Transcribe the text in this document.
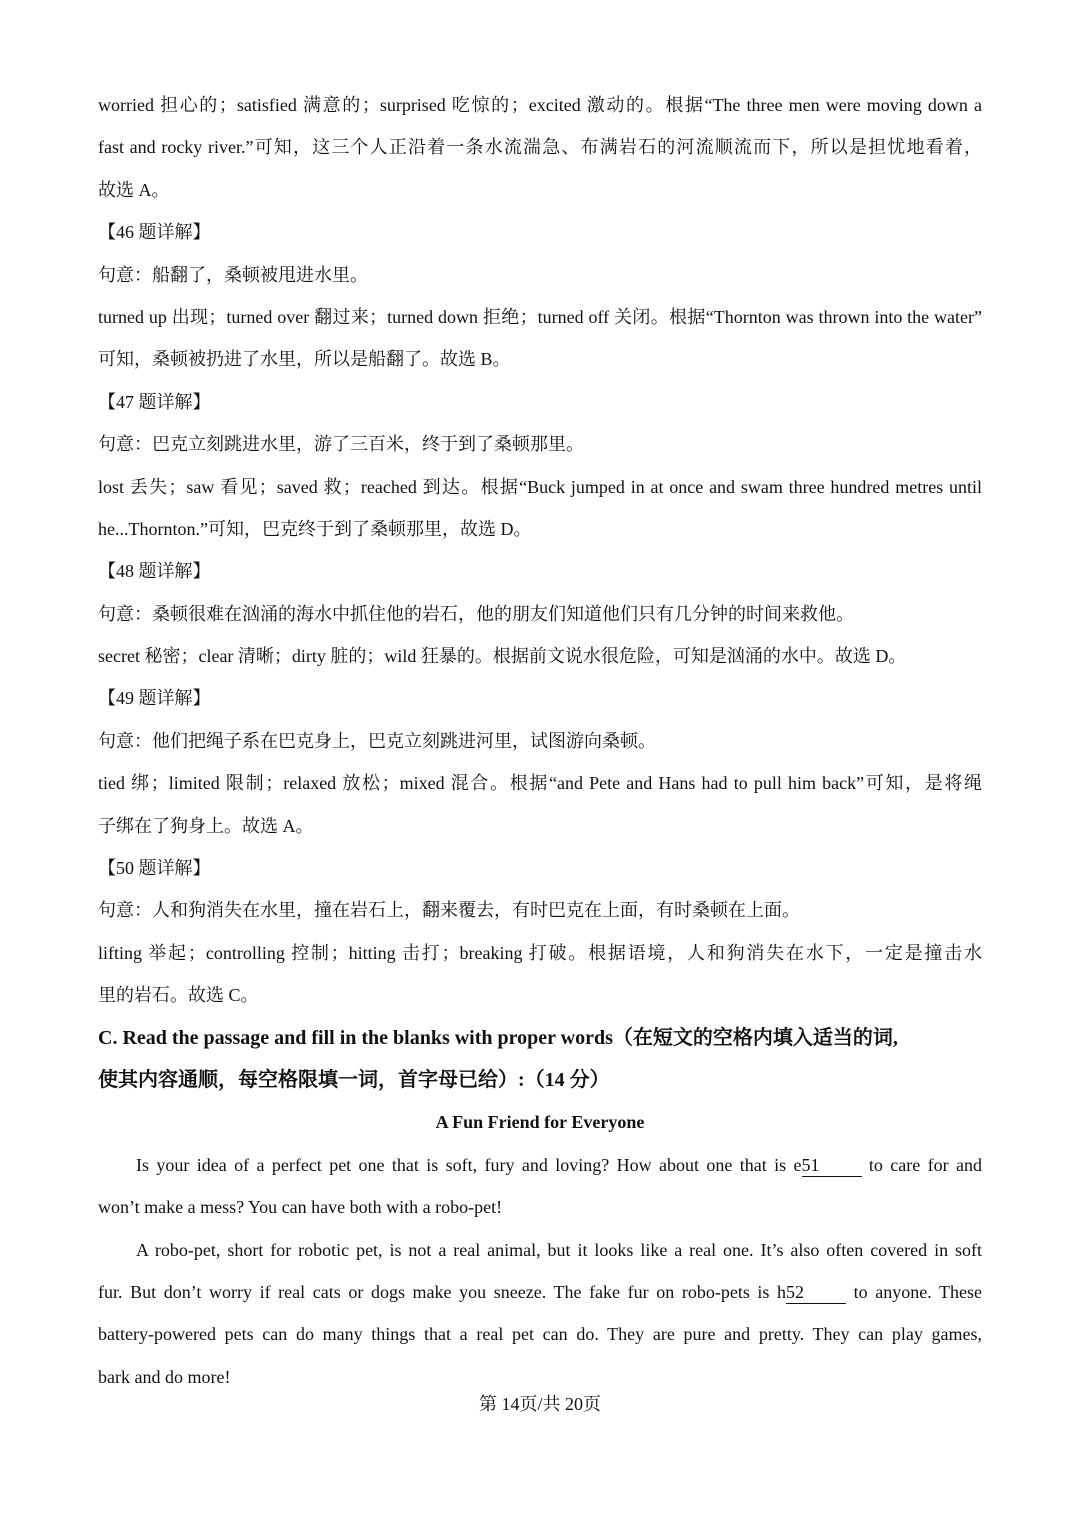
worried 担心的；satisfied 满意的；surprised 吃惊的；excited 激动的。根据“The three men were moving down a
fast and rocky river.”可知，这三个人正沿着一条水流湍急、布满岩石的河流顺流而下，所以是担忧地看着，
故选 A。
【46 题详解】
句意：船翻了，桑顿被甩进水里。
turned up 出现；turned over 翻过来；turned down 拒绝；turned off 关闭。根据“Thornton was thrown into the water”
可知，桑顿被扔进了水里，所以是船翻了。故选 B。
【47 题详解】
句意：巴克立刻跳进水里，游了三百米，终于到了桑顿那里。
lost 丢失；saw 看见；saved 救；reached 到达。根据“Buck jumped in at once and swam three hundred metres until
he...Thornton.”可知，巴克终于到了桑顿那里，故选 D。
【48 题详解】
句意：桑顿很难在汹涌的海水中抓住他的岩石，他的朋友们知道他们只有几分钟的时间来救他。
secret 秘密；clear 清晰；dirty 脏的；wild 狂暴的。根据前文说水很危险，可知是汹涌的水中。故选 D。
【49 题详解】
句意：他们把绳子系在巴克身上，巴克立刻跳进河里，试图游向桑顿。
tied 绑；limited 限制；relaxed 放松；mixed 混合。根据“and Pete and Hans had to pull him back”可知，是将绳
子绑在了狗身上。故选 A。
【50 题详解】
句意：人和狗消失在水里，撞在岩石上，翻来覆去，有时巴克在上面，有时桑顿在上面。
lifting 举起；controlling 控制；hitting 击打；breaking 打破。根据语境，人和狗消失在水下，一定是撞击水
里的岩石。故选 C。
C. Read the passage and fill in the blanks with proper words（在短文的空格内填入适当的词,
使其内容通顺，每空格限填一词，首字母已给）:（14 分）
A Fun Friend for Everyone
Is your idea of a perfect pet one that is soft, fury and loving? How about one that is e51 to care for and
won’t make a mess? You can have both with a robo-pet!
A robo-pet, short for robotic pet, is not a real animal, but it looks like a real one. It’s also often covered in soft
fur. But don’t worry if real cats or dogs make you sneeze. The fake fur on robo-pets is h52 to anyone. These
battery-powered pets can do many things that a real pet can do. They are pure and pretty. They can play games,
bark and do more!
第 14页/共 20页
